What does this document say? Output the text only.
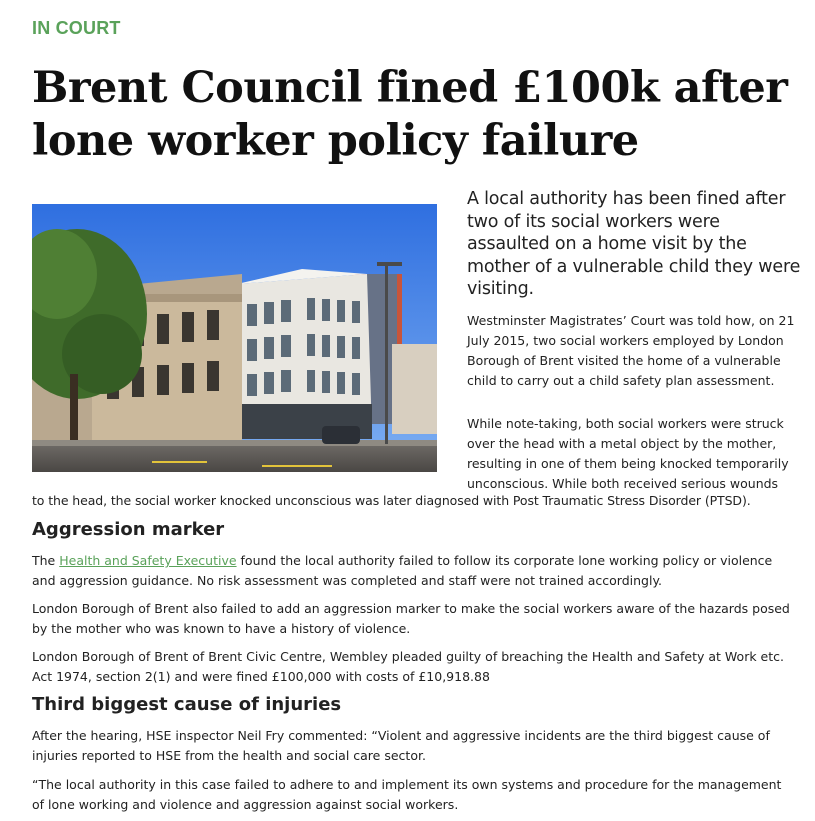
IN COURT
Brent Council fined £100k after lone worker policy failure

A local authority has been fined after two of its social workers were assaulted on a home visit by the mother of a vulnerable child they were visiting.

Westminster Magistrates’ Court was told how, on 21 July 2015, two social workers employed by London Borough of Brent visited the home of a vulnerable child to carry out a child safety plan assessment.

While note-taking, both social workers were struck over the head with a metal object by the mother, resulting in one of them being knocked temporarily unconscious. While both received serious wounds

to the head, the social worker knocked unconscious was later diagnosed with Post Traumatic Stress Disorder (PTSD).

Aggression marker

The Health and Safety Executive found the local authority failed to follow its corporate lone working policy or violence and aggression guidance. No risk assessment was completed and staff were not trained accordingly.

London Borough of Brent also failed to add an aggression marker to make the social workers aware of the hazards posed by the mother who was known to have a history of violence.

London Borough of Brent of Brent Civic Centre, Wembley pleaded guilty of breaching the Health and Safety at Work etc. Act 1974, section 2(1) and were fined £100,000 with costs of £10,918.88

Third biggest cause of injuries

After the hearing, HSE inspector Neil Fry commented: “Violent and aggressive incidents are the third biggest cause of injuries reported to HSE from the health and social care sector.

“The local authority in this case failed to adhere to and implement its own systems and procedure for the management of lone working and violence and aggression against social workers.
